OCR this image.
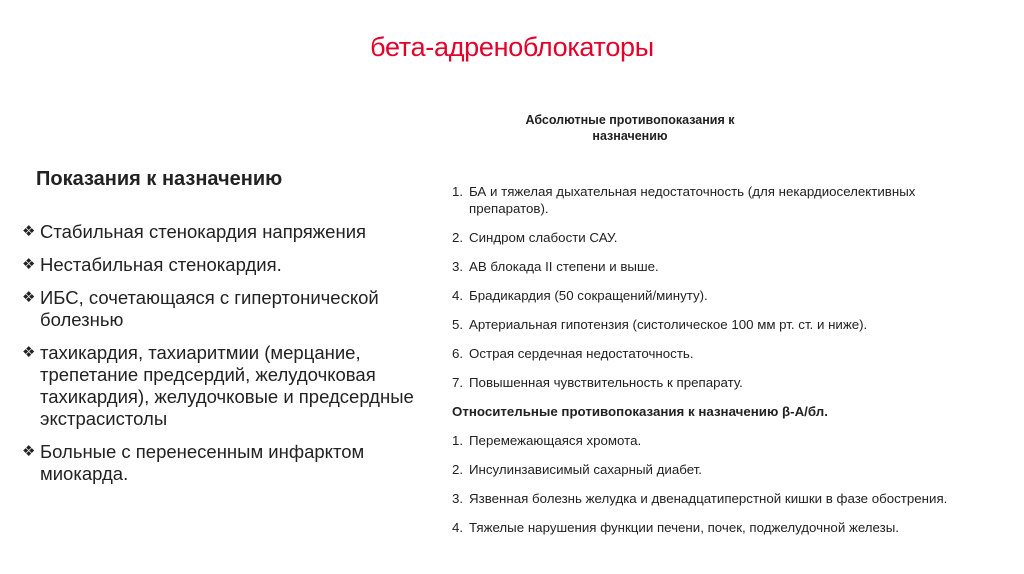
бета-адреноблокаторы
Показания к назначению
❖ Стабильная стенокардия напряжения
❖ Нестабильная стенокардия.
❖ ИБС, сочетающаяся с гипертонической болезнью
❖ тахикардия, тахиаритмии (мерцание, трепетание предсердий, желудочковая тахикардия), желудочковые и предсердные экстрасистолы
❖ Больные с перенесенным инфарктом миокарда.
Абсолютные противопоказания к назначению
1. БА и тяжелая дыхательная недостаточность (для некардиоселективных препаратов).
2. Синдром слабости САУ.
3. АВ блокада II степени и выше.
4. Брадикардия (50 сокращений/минуту).
5. Артериальная гипотензия (систолическое 100 мм рт. ст. и ниже).
6. Острая сердечная недостаточность.
7. Повышенная чувствительность к препарату.
Относительные противопоказания к назначению β-А/бл.
1. Перемежающаяся хромота.
2. Инсулинзависимый сахарный диабет.
3. Язвенная болезнь желудка и двенадцатиперстной кишки в фазе обострения.
4. Тяжелые нарушения функции печени, почек, поджелудочной железы.
